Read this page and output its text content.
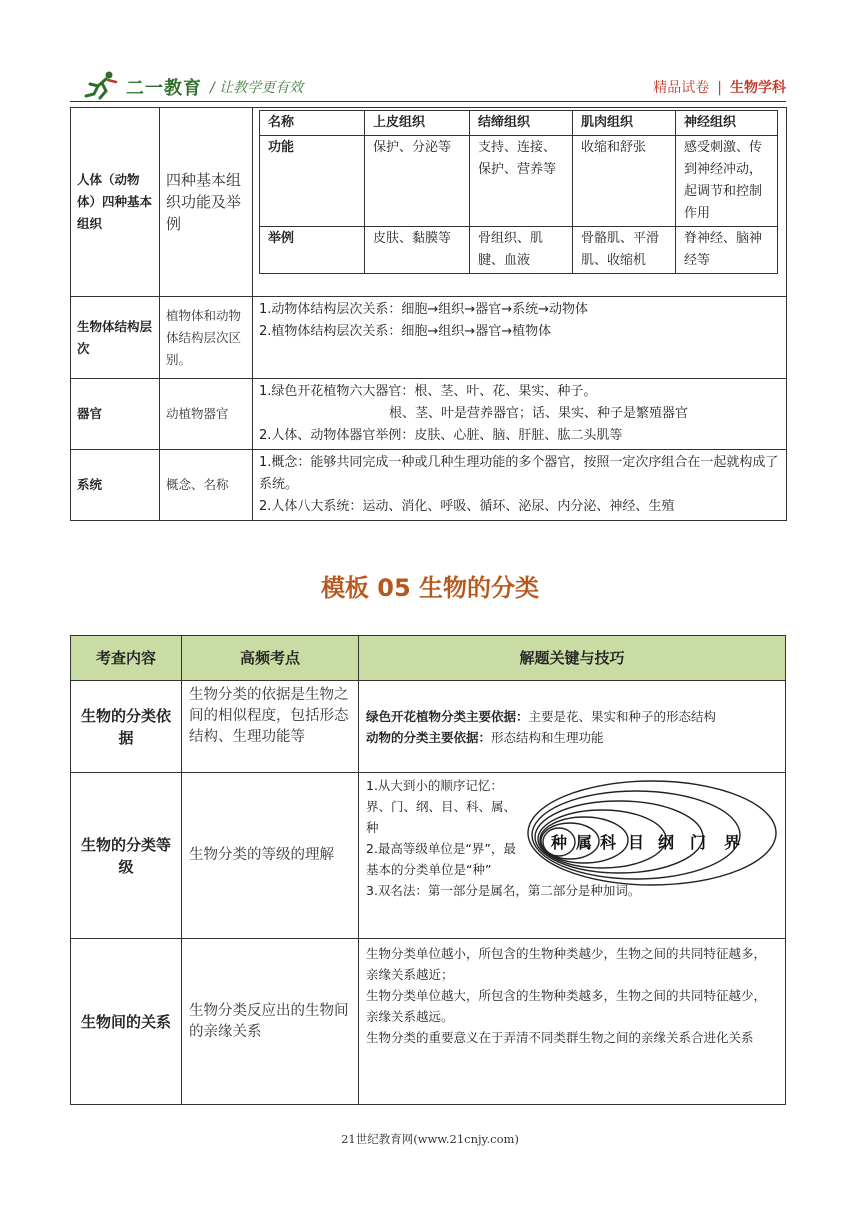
二一教育 / 让教学更有效	精品试卷 | 生物学科
人体（动物体）四种基本组织	四种基本组织功能及举例	
名称	上皮组织	结缔组织	肌肉组织	神经组织
功能	保护、分泌等	支持、连接、保护、营养等	收缩和舒张	感受刺激、传到神经冲动，起调节和控制作用
举例	皮肤、黏膜等	骨组织、肌腱、血液	骨骼肌、平滑肌、收缩机	脊神经、脑神经等

生物体结构层次	植物体和动物体结构层次区别。	
1.动物体结构层次关系：细胞→组织→器官→系统→动物体
2.植物体结构层次关系：细胞→组织→器官→植物体

器官	动植物器官	
1.绿色开花植物六大器官：根、茎、叶、花、果实、种子。
根、茎、叶是营养器官；话、果实、种子是繁殖器官
2.人体、动物体器官举例：皮肤、心脏、脑、肝脏、肱二头肌等

系统	概念、名称	
1.概念：能够共同完成一种或几种生理功能的多个器官，按照一定次序组合在一起就构成了系统。
2.人体八大系统：运动、消化、呼吸、循环、泌尿、内分泌、神经、生殖
模板 05 生物的分类
考查内容	高频考点	解题关键与技巧
生物的分类依据	生物分类的依据是生物之间的相似程度，包括形态结构、生理功能等	绿色开花植物分类主要依据：主要是花、果实和种子的形态结构
动物的分类主要依据：形态结构和生理功能

生物的分类等级	生物分类的等级的理解	1.从大到小的顺序记忆：界、门、纲、目、科、属、种
2.最高等级单位是“界”，最基本的分类单位是“种”
3.双名法：第一部分是属名，第二部分是种加词。

生物间的关系	生物分类反应出的生物间的亲缘关系	生物分类单位越小，所包含的生物种类越少，生物之间的共同特征越多，亲缘关系越近；
生物分类单位越大，所包含的生物种类越多，生物之间的共同特征越少，亲缘关系越远。
生物分类的重要意义在于弄清不同类群生物之间的亲缘关系合进化关系
种 属 科 目 纲 门 界
21世纪教育网(www.21cnjy.com)
